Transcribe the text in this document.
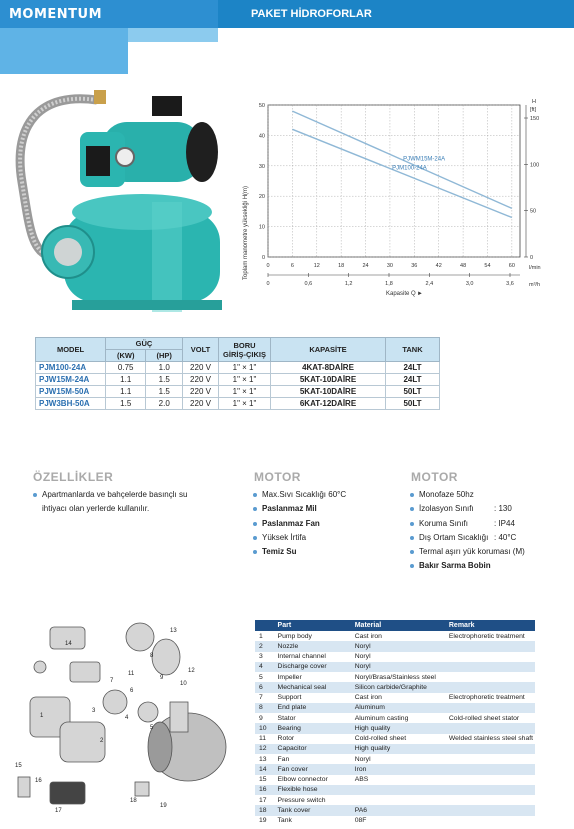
MOMENTUM	PAKET HİDROFORLAR
PJWM15M-24A
PJM100-24A
0
10
20
30
40
50
0	6	12	18	24	30	36	42	48	54	60
0	0,6	1,2	1,8	2,4	3,0	3,6
0
50
100
150
Toplam manometre yüksekliği H(m)
Kapasite Q ►
l/min
m³/h
H
[ft]
MODEL	GÜÇ		VOLT	BORU GİRİŞ-ÇIKIŞ	KAPASİTE	TANK
	(KW)	(HP)				
PJM100-24A	0.75	1.0	220 V	1" × 1"	4KAT-8DAİRE	24LT
PJW15M-24A	1.1	1.5	220 V	1" × 1"	5KAT-10DAİRE	24LT
PJW15M-50A	1.1	1.5	220 V	1" × 1"	5KAT-10DAİRE	50LT
PJW3BH-50A	1.5	2.0	220 V	1" × 1"	6KAT-12DAİRE	50LT
ÖZELLİKLER
Apartmanlarda ve bahçelerde basınçlı su
ihtiyacı olan yerlerde kullanılır.
MOTOR
Max.Sıvı Sıcaklığı 60°C
Paslanmaz Mil
Paslanmaz Fan
Yüksek İrtifa
Temiz Su
MOTOR
Monofaze 50hz
İzolasyon Sınıfı	: 130
Koruma Sınıfı	: IP44
Dış Ortam Sıcaklığı : 40°C
Termal aşırı yük koruması (M)
Bakır Sarma Bobin
1
2
3
4
5
6
7
8
9
10
11	12
13
14
15
16
17
18
19
	Part	Material	Remark
1	Pump body	Cast iron	Electrophoretic treatment
2	Nozzle	Noryl	
3	Internal channel	Noryl	
4	Discharge cover	Noryl	
5	Impeller	Noryl/Brasa/Stainless steel	
6	Mechanical seal	Silicon carbide/Graphite	
7	Support	Cast iron	Electrophoretic treatment
8	End plate	Aluminum	
9	Stator	Aluminum casting	Cold-rolled sheet stator
10	Bearing	High quality	
11	Rotor	Cold-rolled sheet	Welded stainless steel shaft
12	Capacitor	High quality	
13	Fan	Noryl	
14	Fan cover	Iron	
15	Elbow connector	ABS	
16	Flexible hose		
17	Pressure switch		
18	Tank cover	PA6	
19	Tank	08F	
